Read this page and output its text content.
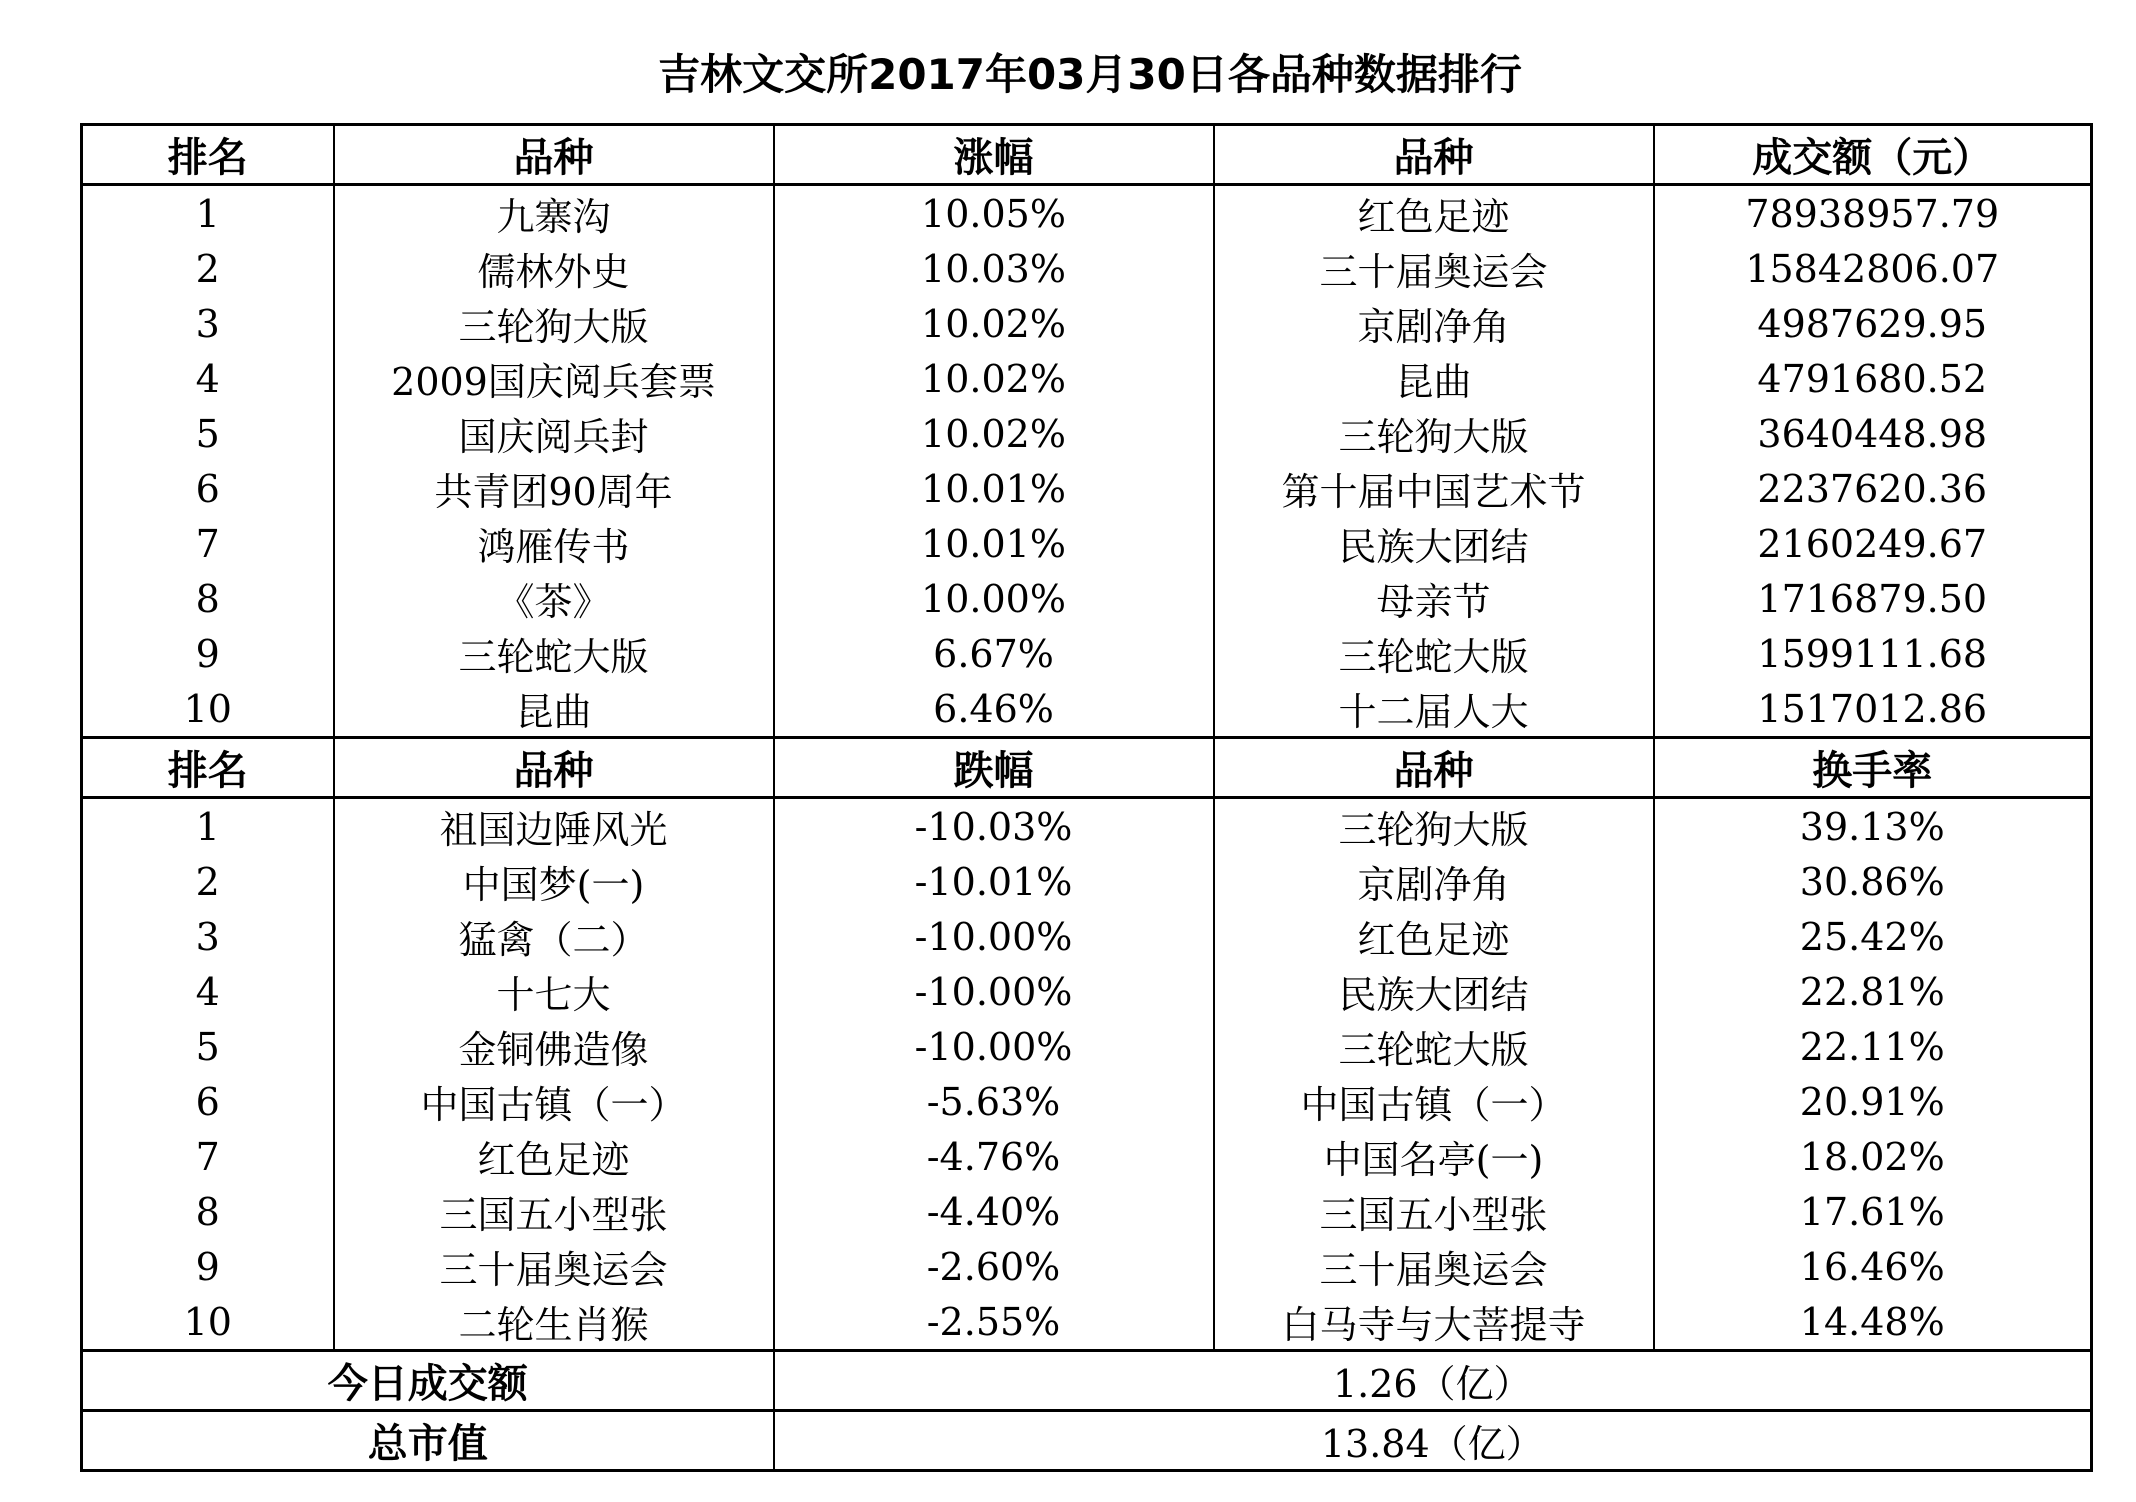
吉林文交所2017年03月30日各品种数据排行
排名	品种	涨幅	品种	成交额（元）
1	九寨沟	10.05%	红色足迹	78938957.79
2	儒林外史	10.03%	三十届奥运会	15842806.07
3	三轮狗大版	10.02%	京剧净角	4987629.95
4	2009国庆阅兵套票	10.02%	昆曲	4791680.52
5	国庆阅兵封	10.02%	三轮狗大版	3640448.98
6	共青团90周年	10.01%	第十届中国艺术节	2237620.36
7	鸿雁传书	10.01%	民族大团结	2160249.67
8	《茶》	10.00%	母亲节	1716879.50
9	三轮蛇大版	6.67%	三轮蛇大版	1599111.68
10	昆曲	6.46%	十二届人大	1517012.86
排名	品种	跌幅	品种	换手率
1	祖国边陲风光	-10.03%	三轮狗大版	39.13%
2	中国梦(一)	-10.01%	京剧净角	30.86%
3	猛禽（二）	-10.00%	红色足迹	25.42%
4	十七大	-10.00%	民族大团结	22.81%
5	金铜佛造像	-10.00%	三轮蛇大版	22.11%
6	中国古镇（一）	-5.63%	中国古镇（一）	20.91%
7	红色足迹	-4.76%	中国名亭(一)	18.02%
8	三国五小型张	-4.40%	三国五小型张	17.61%
9	三十届奥运会	-2.60%	三十届奥运会	16.46%
10	二轮生肖猴	-2.55%	白马寺与大菩提寺	14.48%
今日成交额		1.26（亿）		
总市值		13.84（亿）		
